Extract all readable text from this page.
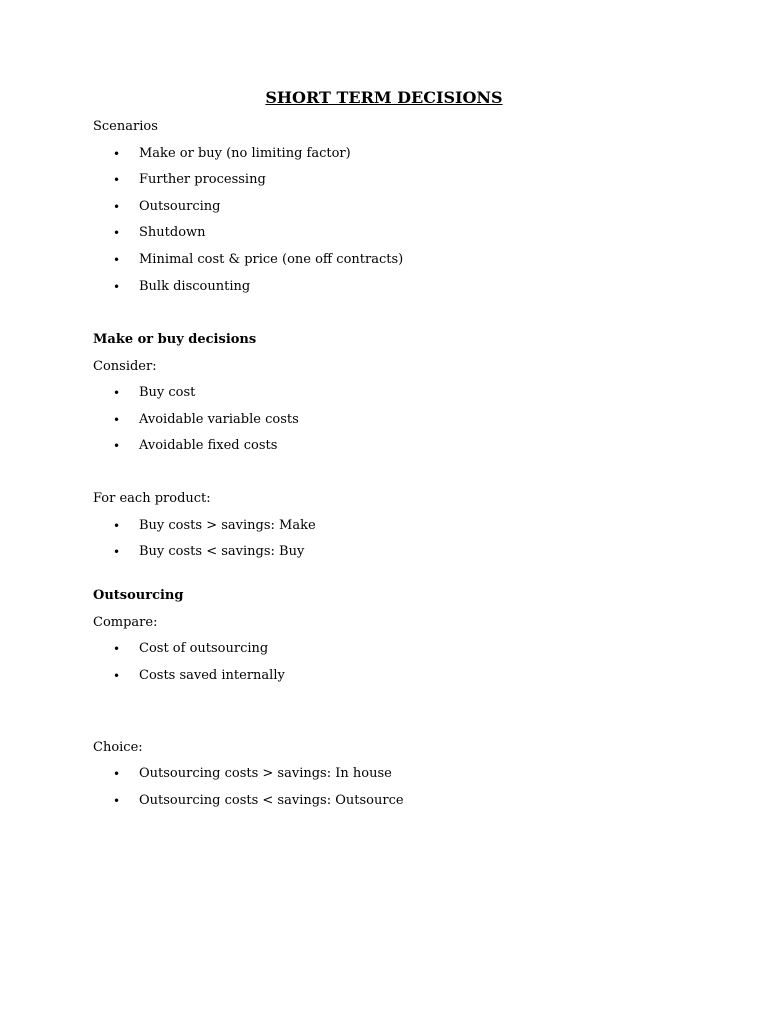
SHORT TERM DECISIONS
Scenarios
• Make or buy (no limiting factor)
• Further processing
• Outsourcing
• Shutdown
• Minimal cost & price (one off contracts)
• Bulk discounting
Make or buy decisions
Consider:
• Buy cost
• Avoidable variable costs
• Avoidable fixed costs
For each product:
• Buy costs > savings: Make
• Buy costs < savings: Buy
Outsourcing
Compare:
• Cost of outsourcing
• Costs saved internally
Choice:
• Outsourcing costs > savings: In house
• Outsourcing costs < savings: Outsource
